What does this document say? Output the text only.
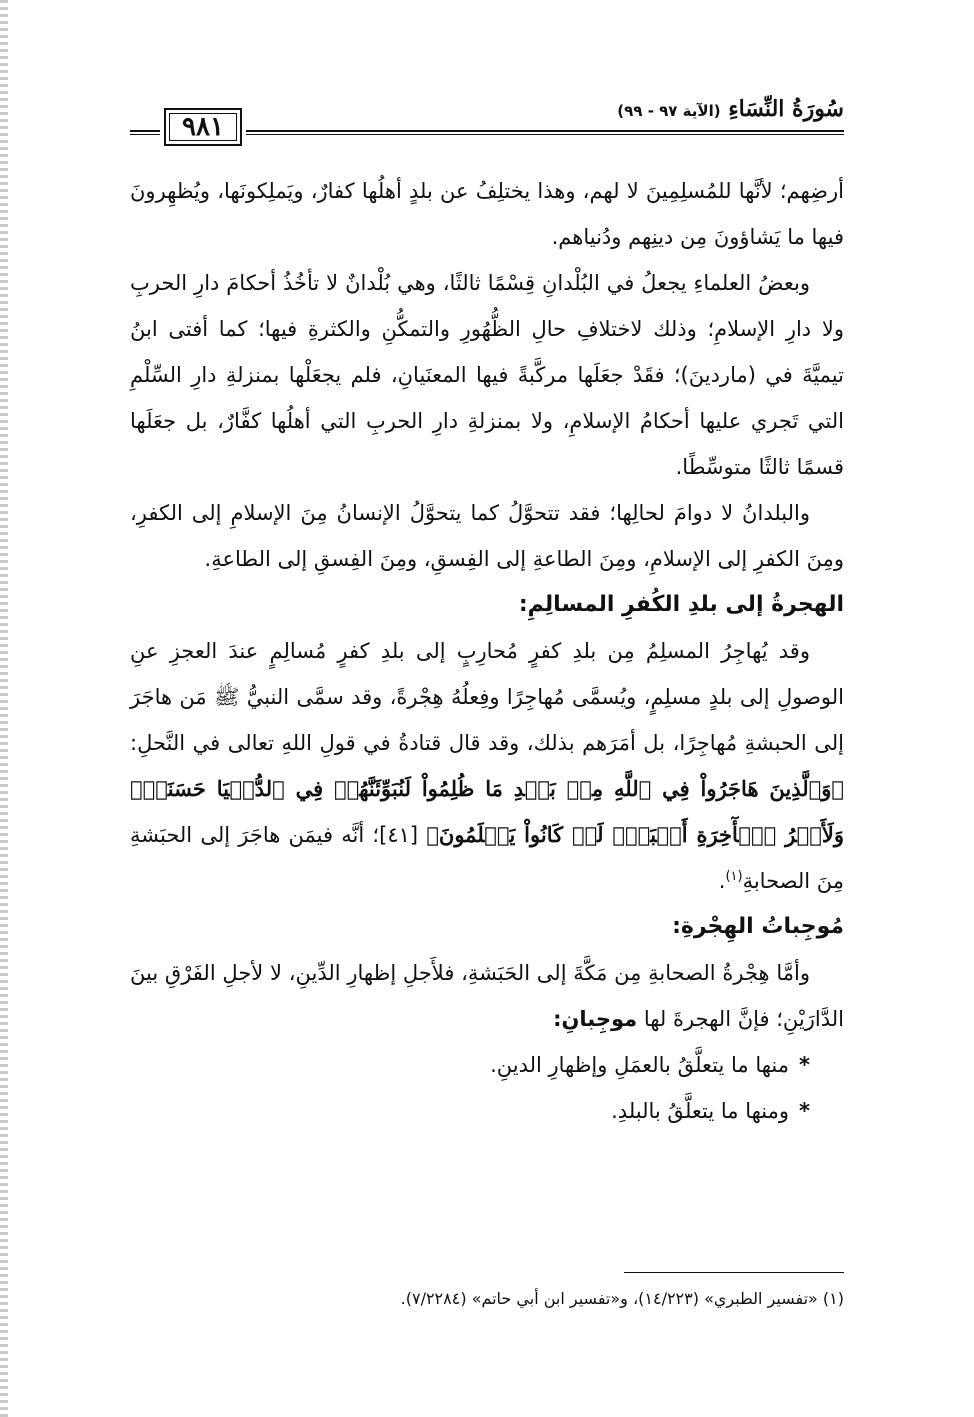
٩٨١
سُورَةُ النِّسَاءِ (الآية ٩٧ - ٩٩)

أرضِهم؛ لأنَّها للمُسلِمِينَ لا لهم، وهذا يختلِفُ عن بلدٍ أهلُها كفارٌ، ويَملِكونَها، ويُظهِرونَ فيها ما يَشاؤونَ مِن دينِهم ودُنياهم.

وبعضُ العلماءِ يجعلُ في البُلْدانِ قِسْمًا ثالثًا، وهي بُلْدانٌ لا تأخُذُ أحكامَ دارِ الحربِ ولا دارِ الإسلامِ؛ وذلك لاختلافِ حالِ الظُّهُورِ والتمكُّنِ والكثرةِ فيها؛ كما أفتى ابنُ تيميَّةَ في (ماردينَ)؛ فقَدْ جعَلَها مركَّبةً فيها المعنَيانِ، فلم يجعَلْها بمنزلةِ دارِ السِّلْمِ التي تَجري عليها أحكامُ الإسلامِ، ولا بمنزلةِ دارِ الحربِ التي أهلُها كفَّارٌ، بل جعَلَها قسمًا ثالثًا متوسِّطًا.

والبلدانُ لا دوامَ لحالِها؛ فقد تتحوَّلُ كما يتحوَّلُ الإنسانُ مِنَ الإسلامِ إلى الكفرِ، ومِنَ الكفرِ إلى الإسلامِ، ومِنَ الطاعةِ إلى الفِسقِ، ومِنَ الفِسقِ إلى الطاعةِ.

الهجرةُ إلى بلدِ الكُفرِ المسالِمِ:

وقد يُهاجِرُ المسلِمُ مِن بلدِ كفرٍ مُحارِبٍ إلى بلدِ كفرٍ مُسالِمٍ عندَ العجزِ عنِ الوصولِ إلى بلدٍ مسلِمٍ، ويُسمَّى مُهاجِرًا وفِعلُهُ هِجْرةً، وقد سمَّى النبيُّ ﷺ مَن هاجَرَ إلى الحبشةِ مُهاجِرًا، بل أمَرَهم بذلك، وقد قال قتادةُ في قولِ اللهِ تعالى في النَّحلِ: ﴿وَٱلَّذِينَ هَاجَرُواْ فِي ٱللَّهِ مِنۢ بَعۡدِ مَا ظُلِمُواْ لَنُبَوِّئَنَّهُمۡ فِي ٱلدُّنۡيَا حَسَنَةٗۖ وَلَأَجۡرُ ٱلۡأٓخِرَةِ أَكۡبَرُۚ لَوۡ كَانُواْ يَعۡلَمُونَ﴾ [٤١]؛ أنَّه فيمَن هاجَرَ إلى الحبَشةِ مِنَ الصحابةِ$^{(١)}$.

مُوجِباتُ الهِجْرةِ:

وأمَّا هِجْرةُ الصحابةِ مِن مَكَّةَ إلى الحَبَشةِ، فلأَجلِ إظهارِ الدِّينِ، لا لأجلِ الفَرْقِ بينَ الدَّارَيْنِ؛ فإنَّ الهجرةَ لها موجِبانِ:

*منها ما يتعلَّقُ بالعمَلِ وإظهارِ الدينِ.

*ومنها ما يتعلَّقُ بالبلدِ.

(١) «تفسير الطبري» (١٤/٢٢٣)، و«تفسير ابن أبي حاتم» (٧/٢٢٨٤).
